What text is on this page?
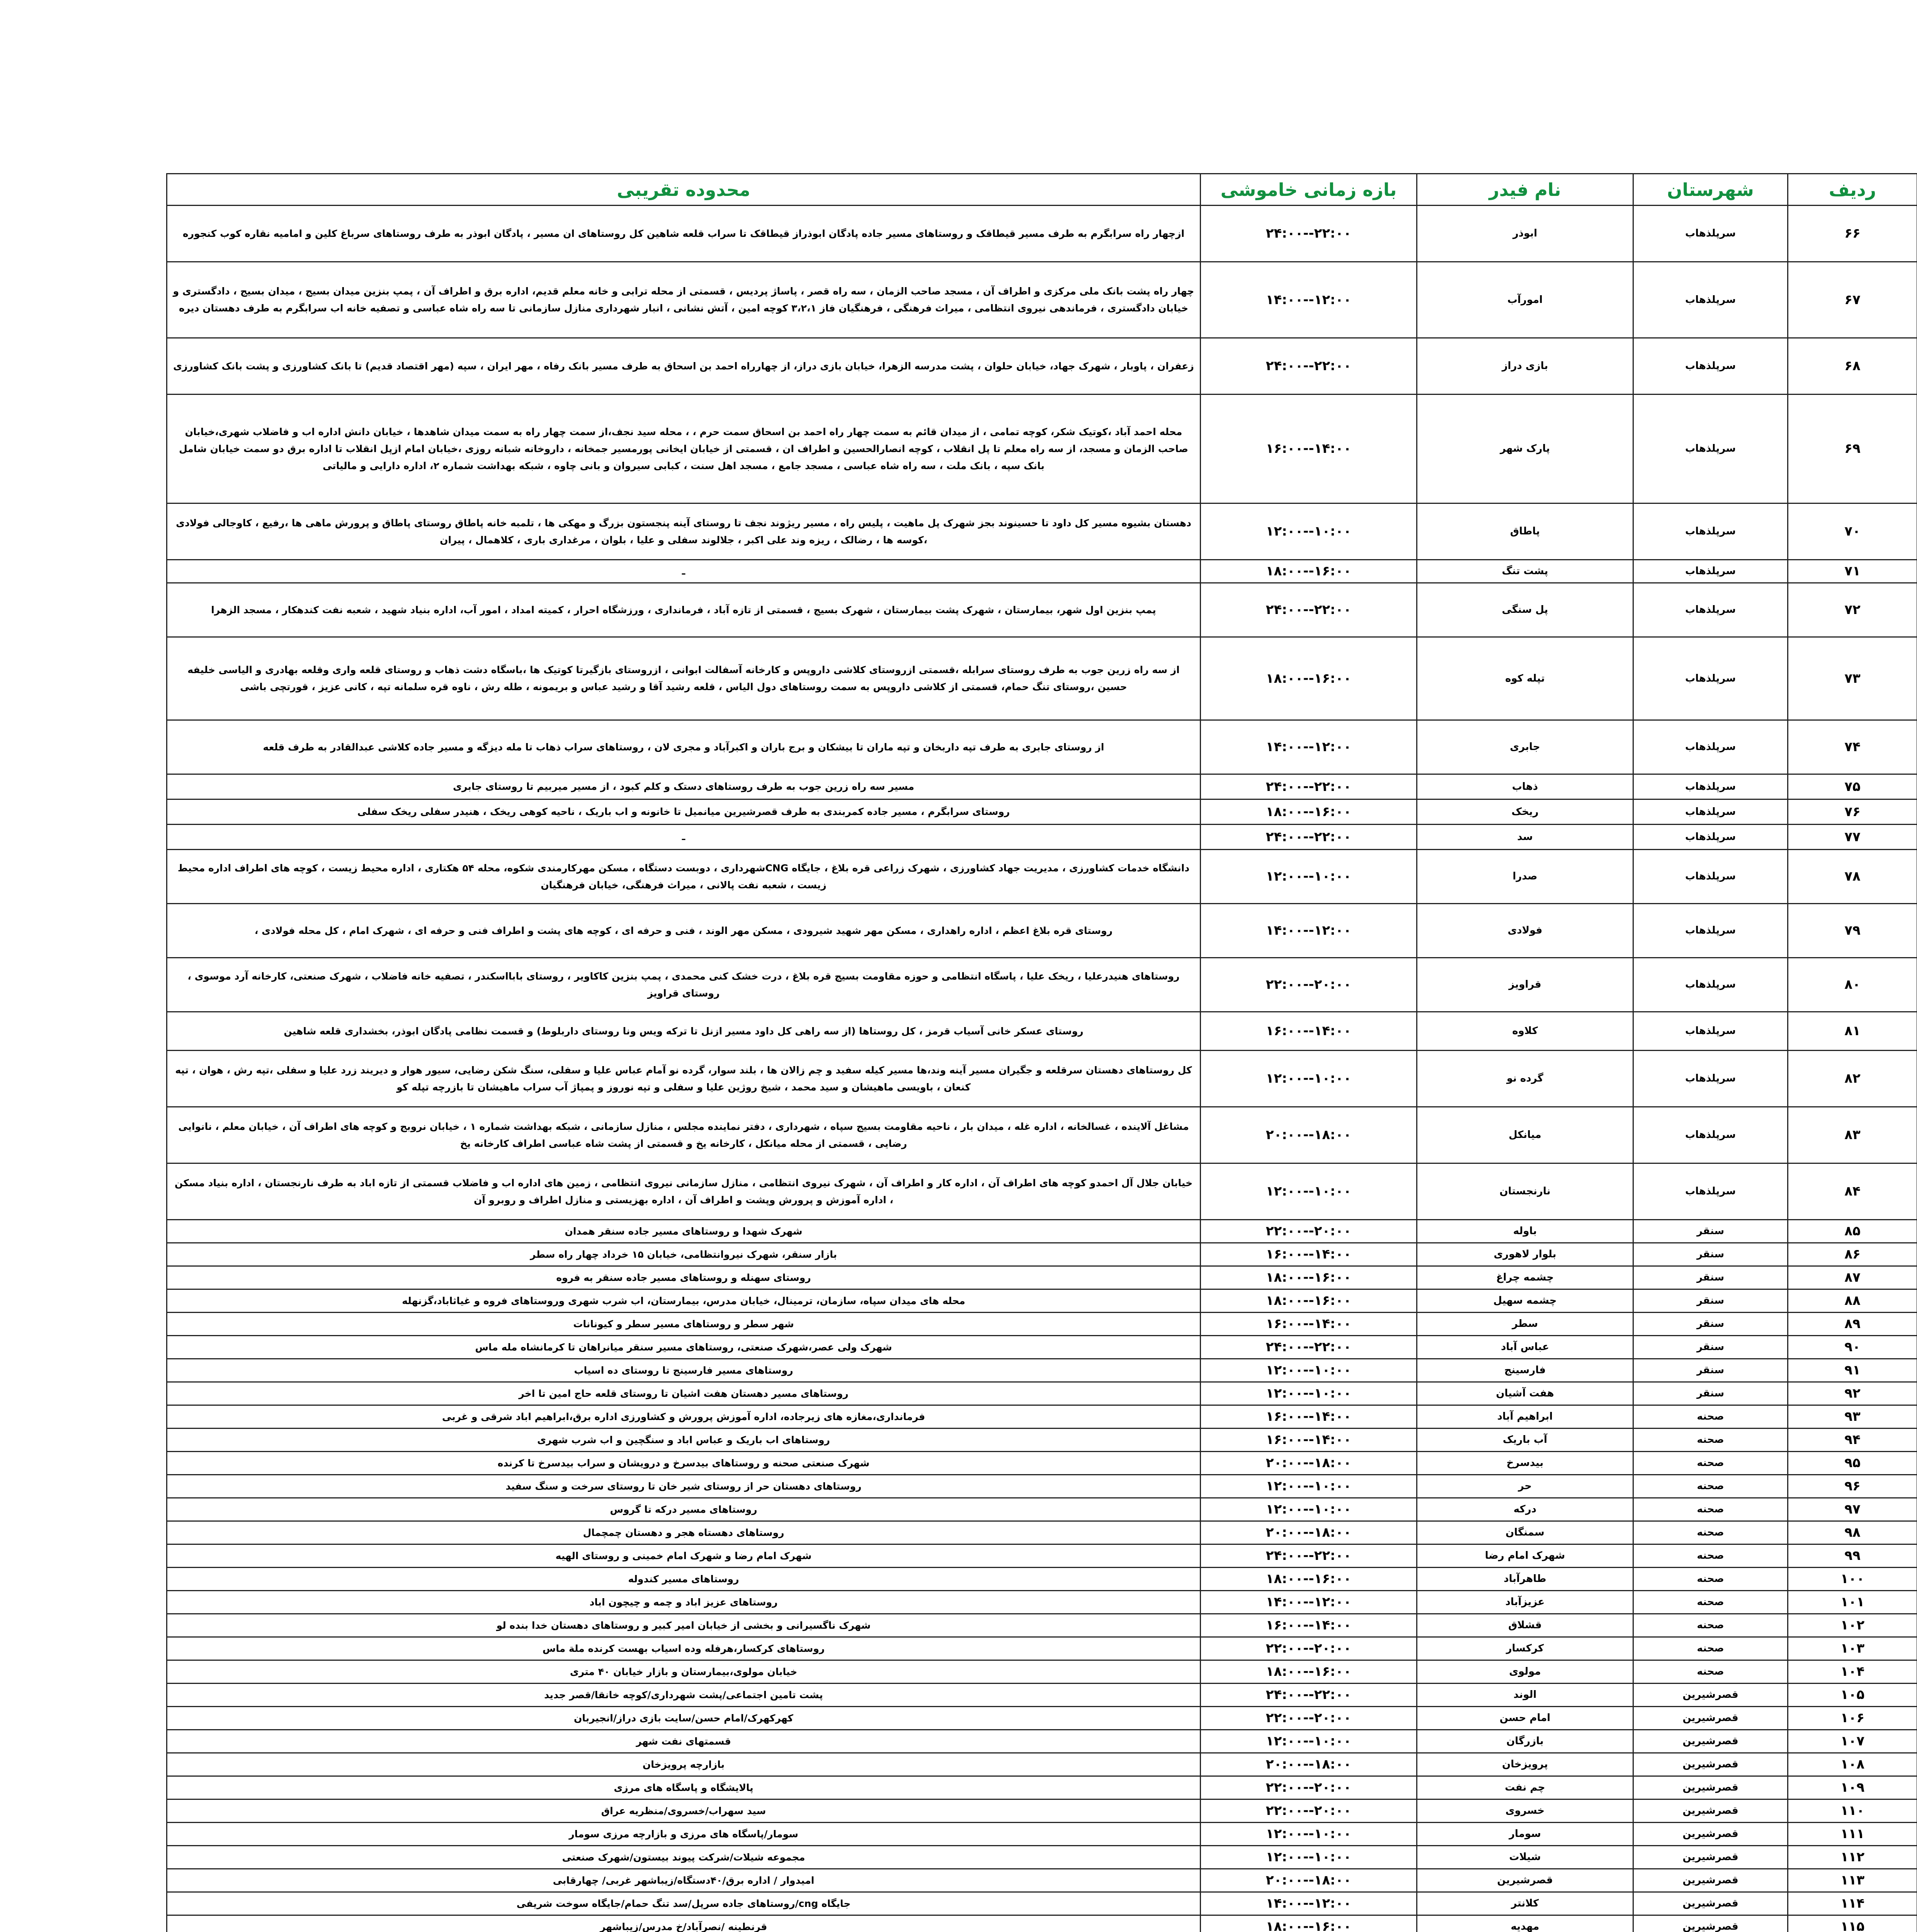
ردیف	شهرستان	نام فیدر	بازه زمانی خاموشی	محدوده تقریبی
۶۶	سرپلذهاب	ابوذر	۲۲:۰۰--۲۴:۰۰	ازچهار راه سرابگرم به طرف مسیر قیطاقک و روستاهای مسیر جاده پادگان ابوذراز قیطاقک تا سراب قلعه شاهین کل روستاهای ان مسیر ، پادگان ابوذر به طرف روستاهای سرباغ کلین و امامیه نقاره کوب کنجوره
۶۷	سرپلذهاب	امورآب	۱۲:۰۰--۱۴:۰۰	چهار راه پشت بانک ملی مرکزی و اطراف آن ، مسجد صاحب الزمان ، سه راه قصر ، پاساژ پردیس ، قسمتی از محله ترابی و خانه معلم قدیم، اداره برق و اطراف آن ، پمپ بنزین میدان بسیج ، میدان بسیج ، دادگستری و خیابان دادگستری ، فرماندهی نیروی انتظامی ، میراث فرهنگی ، فرهنگیان فاز ۳،۲،۱ کوچه امین ، آتش نشانی ، انبار شهرداری منازل سازمانی تا سه راه شاه عباسی و تصفیه خانه اب سرابگرم به طرف دهستان دیره
۶۸	سرپلذهاب	بازی دراز	۲۲:۰۰--۲۴:۰۰	زعفران ، پاوبار ، شهرک جهاد، خیابان حلوان ، پشت مدرسه الزهرا، خیابان بازی دراز، از چهارراه احمد بن اسحاق به طرف مسیر بانک رفاه ، مهر ایران ، سپه (مهر اقتصاد قدیم) تا بانک کشاورزی و پشت بانک کشاورزی
۶۹	سرپلذهاب	پارک شهر	۱۴:۰۰--۱۶:۰۰	محله احمد آباد ،کوتیک شکر، کوچه تمامی ، از میدان قائم به سمت چهار راه احمد بن اسحاق سمت حرم ، ، محله سید نجف،از سمت چهار راه به سمت میدان شاهدها ، خیابان دانش اداره اب و فاضلاب شهری،خیابان صاحب الزمان و مسجد، از سه راه معلم تا پل انقلاب ، کوچه انصارالحسین و اطراف ان ، قسمتی از خیابان ایخانی پورمسیر جمخانه ، داروخانه شبانه روزی ،خیابان امام ازپل انقلاب تا اداره برق دو سمت خیابان شامل بانک سپه ، بانک ملت ، سه راه شاه عباسی ، مسجد جامع ، مسجد اهل سنت ، کبابی سیروان و بانی چاوه ، شبکه بهداشت شماره ۲، اداره دارایی و مالیاتی
۷۰	سرپلذهاب	پاطاق	۱۰:۰۰--۱۲:۰۰	دهستان بشیوه مسیر کل داود تا حسینوند بجز شهرک پل ماهیت ، پلیس راه ، مسیر ریژوند نجف تا روستای آینه پنجستون بزرگ و مهکی ها ، تلمبه خانه پاطاق روستای پاطاق و پرورش ماهی ها ،رفیع ، کاوجالی فولادی ،کوسه ها ، رضالک ، ریزه وند علی اکبر ، جلالوند سفلی و علیا ، بلوان ، مرغداری باری ، کلاهمال ، پیران
۷۱	سرپلذهاب	پشت تنگ	۱۶:۰۰--۱۸:۰۰	ـ
۷۲	سرپلذهاب	پل سنگی	۲۲:۰۰--۲۴:۰۰	پمپ بنزین اول شهر، بیمارستان ، شهرک پشت بیمارستان ، شهرک بسیج ، قسمتی از تازه آباد ، فرمانداری ، ورزشگاه احرار ، کمیته امداد ، امور آب، اداره بنیاد شهید ، شعبه نفت کندهکار ، مسجد الزهرا
۷۳	سرپلذهاب	تپله کوه	۱۶:۰۰--۱۸:۰۰	از سه راه زرین جوب به طرف روستای سرابله ،قسمتی ازروستای کلاشی داروپس و کارخانه آسفالت ابوانی ، ازروستای بازگیرتا کوتیک ها ،باسگاه دشت ذهاب و روستای قلعه واری وقلعه بهادری و الیاسی خلیفه حسین ،روستای تنگ حمام، قسمتی از کلاشی داروپس به سمت روستاهای دول الیاس ، قلعه رشید آقا و رشید عباس و بریمونه ، طله رش ، ناوه قره سلمانه تپه ، کانی عزیز ، قورتچی باشی
۷۴	سرپلذهاب	جابری	۱۲:۰۰--۱۴:۰۰	از روستای جابری به طرف تپه داربخان و تپه ماران تا بیشکان و برج باران و اکبرآباد و مجری لان ، روستاهای سراب ذهاب تا مله دیزگه و مسیر جاده کلاشی عبدالقادر به طرف قلعه
۷۵	سرپلذهاب	ذهاب	۲۲:۰۰--۲۴:۰۰	مسیر سه راه زرین جوب به طرف روستاهای دستک و کلم کبود ، از مسیر میربیم تا روستای جابری
۷۶	سرپلذهاب	ریخک	۱۶:۰۰--۱۸:۰۰	روستای سرابگرم ، مسیر جاده کمربندی به طرف قصرشیرین میانمیل تا خانونه و اب باریک ، ناحیه کوهی ریخک ، هنیدر سفلی ریخک سفلی
۷۷	سرپلذهاب	سد	۲۲:۰۰--۲۴:۰۰	ـ
۷۸	سرپلذهاب	صدرا	۱۰:۰۰--۱۲:۰۰	دانشگاه خدمات کشاورزی ، مدیریت جهاد کشاورزی ، شهرک زراعی قره بلاغ ، جایگاه CNGشهرداری ، دوبست دستگاه ، مسکن مهرکارمندی شکوه، محله ۵۴ هکتاری ، اداره محیط زیست ، کوچه های اطراف اداره محیط زیست ، شعبه نفت پالانی ، میراث فرهنگی، خیابان فرهنگیان
۷۹	سرپلذهاب	فولادی	۱۲:۰۰--۱۴:۰۰	روستای قره بلاغ اعظم ، اداره راهداری ، مسکن مهر شهید شیرودی ، مسکن مهر الوند ، فنی و حرفه ای ، کوچه های پشت و اطراف فنی و حرفه ای ، شهرک امام ، کل محله فولادی ،
۸۰	سرپلذهاب	قراویز	۲۰:۰۰--۲۲:۰۰	روستاهای هنیدرعلیا ، ریخک علیا ، پاسگاه انتظامی و حوزه مقاومت بسیج قره بلاغ ، درت خشک کنی محمدی ، پمپ بنزین کاکاویر ، روستای بابااسکندر ، تصفیه خانه فاضلاب ، شهرک صنعتی، کارخانه آرد موسوی ، روستای قراویز
۸۱	سرپلذهاب	کلاوه	۱۴:۰۰--۱۶:۰۰	روستای عسکر خانی آسیاب قرمز ، کل روستاها (از سه راهی کل داود مسیر ازنل تا ترکه ویس ونا روستای داربلوط) و قسمت نظامی پادگان ابوذر، بخشداری قلعه شاهین
۸۲	سرپلذهاب	گرده نو	۱۰:۰۰--۱۲:۰۰	کل روستاهای دهستان سرقلعه و جگیران مسیر آینه وند،ها مسیر کیله سفید و چم زالان ها ، بلند سوار، گرده نو آمام عباس علیا و سفلی، سنگ شکن رضایی، سیور هوار و دیریند زرد علیا و سفلی ،تپه رش ، هوان ، تپه کنعان ، باویسی ماهیشان و سید محمد ، شیخ روژین علیا و سفلی و تپه نوروز و پمپاژ آب سراب ماهیشان تا بازرچه تپله کو
۸۳	سرپلذهاب	میانکل	۱۸:۰۰--۲۰:۰۰	مشاغل آلاینده ، غسالخانه ، اداره غله ، میدان بار ، ناحیه مقاومت بسیج سپاه ، شهرداری ، دفتر نماینده مجلس ، منازل سازمانی ، شبکه بهداشت شماره ۱ ، خیابان نروبج و کوچه های اطراف آن ، خیابان معلم ، نانوایی رضایی ، قسمتی از محله میانکل ، کارخانه یخ و قسمتی از پشت شاه عباسی اطراف کارخانه یخ
۸۴	سرپلذهاب	نارنجستان	۱۰:۰۰--۱۲:۰۰	خیابان جلال آل احمدو کوچه های اطراف آن ، اداره کار و اطراف آن ، شهرک نیروی انتظامی ، منازل سازمانی نیروی انتظامی ، زمین های اداره اب و فاضلاب قسمتی از تازه اباد به طرف نارنجستان ، اداره بنیاد مسکن ، اداره آموزش و پرورش وپشت و اطراف آن ، اداره بهزیستی و منازل اطراف و روبرو آن
۸۵	سنقر	باوله	۲۰:۰۰--۲۲:۰۰	شهرک شهدا و روستاهای مسیر جاده سنقر همدان
۸۶	سنقر	بلوار لاهوری	۱۴:۰۰--۱۶:۰۰	بازار سنقر، شهرک نیروانتظامی، خیابان ۱۵ خرداد چهار راه سطر
۸۷	سنقر	چشمه چراغ	۱۶:۰۰--۱۸:۰۰	روستای سهنله و روستاهای مسیر جاده سنقر به فروه
۸۸	سنقر	چشمه سهیل	۱۶:۰۰--۱۸:۰۰	محله های میدان سپاه، سازمان، ترمینال، خیابان مدرس، بیمارستان، اب شرب شهری وروستاهای فروه و غیاثاباد،گزنهله
۸۹	سنقر	سطر	۱۴:۰۰--۱۶:۰۰	شهر سطر و روستاهای مسیر سطر و کیونانات
۹۰	سنقر	عباس آباد	۲۲:۰۰--۲۴:۰۰	شهرک ولی عصر،شهرک صنعتی، روستاهای مسیر سنقر میانراهان تا کرمانشاه مله ماس
۹۱	سنقر	فارسینج	۱۰:۰۰--۱۲:۰۰	روستاهای مسیر فارسینج تا روستای ده اسیاب
۹۲	سنقر	هفت آشیان	۱۰:۰۰--۱۲:۰۰	روستاهای مسیر دهستان هفت اشیان تا روستای قلعه حاج امین تا اخر
۹۳	صحنه	ابراهیم آباد	۱۴:۰۰--۱۶:۰۰	فرمانداری،مغازه های زیرجاده، اداره آموزش پرورش و کشاورزی اداره برق،ابراهیم اباد شرقی و غربی
۹۴	صحنه	آب باریک	۱۴:۰۰--۱۶:۰۰	روستاهای اب باریک و عباس اباد و سنگچین و اب شرب شهری
۹۵	صحنه	بیدسرخ	۱۸:۰۰--۲۰:۰۰	شهرک صنعتی صحنه و روستاهای بیدسرخ و درویشان و سراب بیدسرخ تا کرنده
۹۶	صحنه	حر	۱۰:۰۰--۱۲:۰۰	روستاهای دهستان حر از روستای شیر خان تا روستای سرخت و سنگ سفید
۹۷	صحنه	درکه	۱۰:۰۰--۱۲:۰۰	روستاهای مسیر درکه تا گروس
۹۸	صحنه	سمنگان	۱۸:۰۰--۲۰:۰۰	روستاهای دهستاه هجر و دهستان چمچمال
۹۹	صحنه	شهرک امام رضا	۲۲:۰۰--۲۴:۰۰	شهرک امام رضا و شهرک امام خمینی و روستای الهیه
۱۰۰	صحنه	طاهرآباد	۱۶:۰۰--۱۸:۰۰	روستاهای مسیر کندوله
۱۰۱	صحنه	عزیزآباد	۱۲:۰۰--۱۴:۰۰	روستاهای عزیز اباد و چمه و چیچون اباد
۱۰۲	صحنه	قشلاق	۱۴:۰۰--۱۶:۰۰	شهرک ناگسیرانی و بخشی از خیابان امیر کبیر و روستاهای دهستان خدا بنده لو
۱۰۳	صحنه	کرکسار	۲۰:۰۰--۲۲:۰۰	روستاهای کرکسار،هرفله وده اسیاب بهست کرنده ملة ماس
۱۰۴	صحنه	مولوی	۱۶:۰۰--۱۸:۰۰	خیابان مولوی،بیمارستان و بازار خیابان ۴۰ متری
۱۰۵	قصرشیرین	الوند	۲۲:۰۰--۲۴:۰۰	پشت تامین اجتماعی/پشت شهرداری/کوچه خانقا/قصر جدید
۱۰۶	قصرشیرین	امام حسن	۲۰:۰۰--۲۲:۰۰	کهرکهرک/امام حسن/سایت بازی دراز/انجیربان
۱۰۷	قصرشیرین	بازرگان	۱۰:۰۰--۱۲:۰۰	قسمتهای نفت شهر
۱۰۸	قصرشیرین	پرویزخان	۱۸:۰۰--۲۰:۰۰	بازارچه پرویزخان
۱۰۹	قصرشیرین	چم نفت	۲۰:۰۰--۲۲:۰۰	پالایشگاه و پاسگاه های مرزی
۱۱۰	قصرشیرین	خسروی	۲۰:۰۰--۲۲:۰۰	سید سهراب/خسروی/منظریه عراق
۱۱۱	قصرشیرین	سومار	۱۰:۰۰--۱۲:۰۰	سومار/پاسگاه های مرزی و بازارچه مرزی سومار
۱۱۲	قصرشیرین	شیلات	۱۰:۰۰--۱۲:۰۰	مجموعه شیلات/شرکت پیوند بیستون/شهرک صنعتی
۱۱۳	قصرشیرین	قصرشیرین	۱۸:۰۰--۲۰:۰۰	امیدوار / اداره برق/۴۰دستگاه/زیباشهر غربی/ چهارقابی
۱۱۴	قصرشیرین	کلانتر	۱۲:۰۰--۱۴:۰۰	جایگاه cng/روستاهای جاده سرپل/سد تنگ حمام/جایگاه سوخت شریفی
۱۱۵	قصرشیرین	مهدیه	۱۶:۰۰--۱۸:۰۰	قرنطینه /نصرآباد/خ مدرس/زیباشهر
